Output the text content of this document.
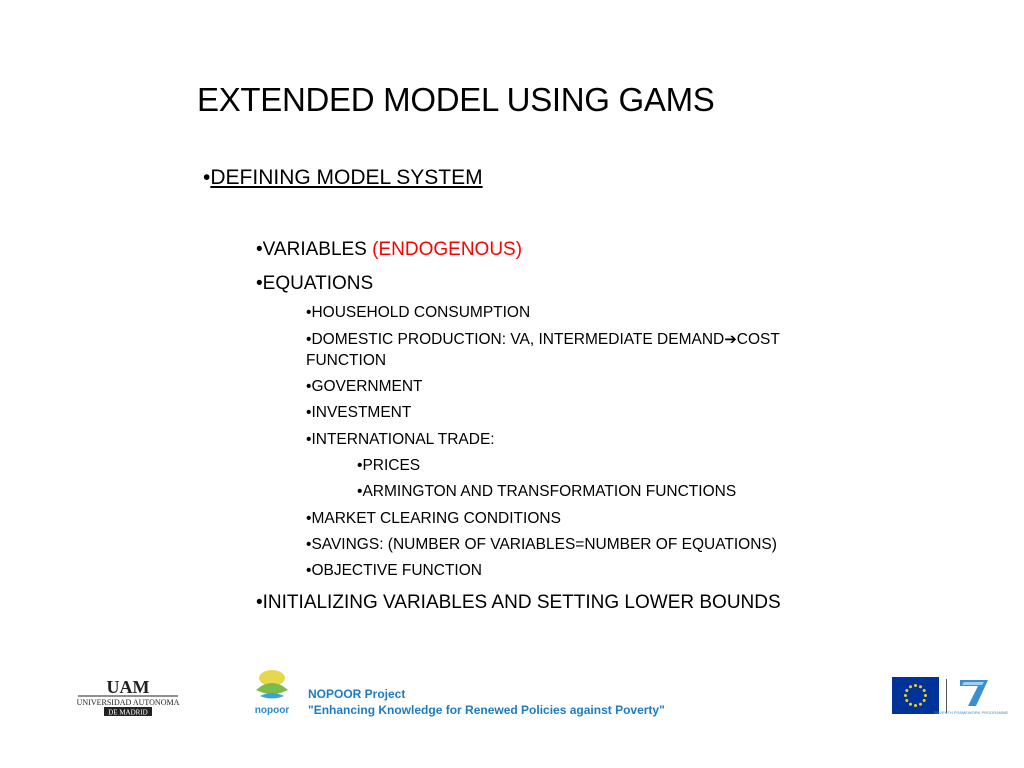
EXTENDED MODEL USING GAMS
•DEFINING MODEL SYSTEM
•VARIABLES (ENDOGENOUS)
•EQUATIONS
•HOUSEHOLD CONSUMPTION
•DOMESTIC PRODUCTION: VA, INTERMEDIATE DEMAND➔COST
FUNCTION
•GOVERNMENT
•INVESTMENT
•INTERNATIONAL TRADE:
•PRICES
•ARMINGTON AND TRANSFORMATION FUNCTIONS
•MARKET CLEARING CONDITIONS
•SAVINGS: (NUMBER OF VARIABLES=NUMBER OF EQUATIONS)
•OBJECTIVE FUNCTION
•INITIALIZING VARIABLES AND SETTING LOWER BOUNDS
UAM
UNIVERSIDAD AUTONOMA
DE MADRID	nopoor
NOPOOR Project
"Enhancing Knowledge for Renewed Policies against Poverty"	SEVENTH FRAMEWORK PROGRAMME
